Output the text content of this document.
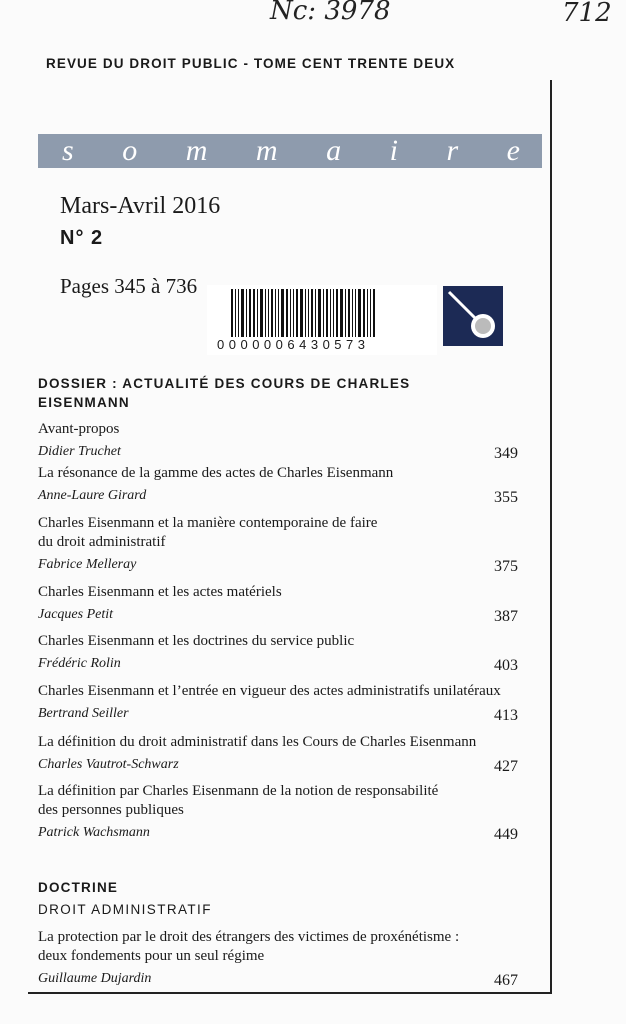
Nc: 3978	712
REVUE DU DROIT PUBLIC - TOME CENT TRENTE DEUX
s o m m a i r e
Mars-Avril 2016
N° 2
Pages 345 à 736
0000006430573
DOSSIER : ACTUALITÉ DES COURS DE CHARLES
EISENMANN
Avant-propos
Didier Truchet	349
La résonance de la gamme des actes de Charles Eisenmann
Anne-Laure Girard	355
Charles Eisenmann et la manière contemporaine de faire
du droit administratif
Fabrice Melleray	375
Charles Eisenmann et les actes matériels
Jacques Petit	387
Charles Eisenmann et les doctrines du service public
Frédéric Rolin	403
Charles Eisenmann et l’entrée en vigueur des actes administratifs unilatéraux
Bertrand Seiller	413
La définition du droit administratif dans les Cours de Charles Eisenmann
Charles Vautrot-Schwarz	427
La définition par Charles Eisenmann de la notion de responsabilité
des personnes publiques
Patrick Wachsmann	449
DOCTRINE
DROIT ADMINISTRATIF
La protection par le droit des étrangers des victimes de proxénétisme :
deux fondements pour un seul régime
Guillaume Dujardin	467
